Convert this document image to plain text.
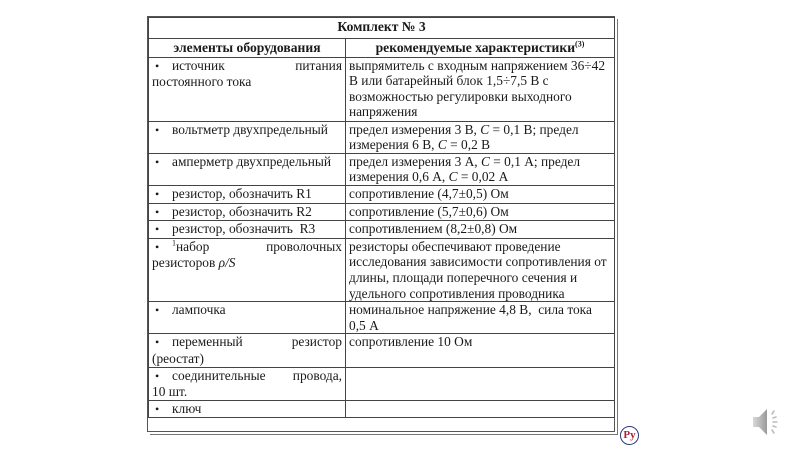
Комплект № 3	
элементы оборудования	рекомендуемые характеристики$^{(3)}$

•источник питания
постоянного тока	выпрямитель с входным напряжением 36÷42 В или батарейный блок 1,5÷7,5 В с возможностью регулировки выходного напряжения
•вольтметр двухпредельный	предел измерения 3 В, C = 0,1 В; предел измерения 6 В, C = 0,2 В
•амперметр двухпредельный	предел измерения 3 А, C = 0,1 А; предел измерения 0,6 А, C = 0,02 А
•резистор, обозначить R1	сопротивление (4,7±0,5) Ом
•резистор, обозначить R2	сопротивление (5,7±0,6) Ом
•резистор, обозначить  R3	сопротивлением (8,2±0,8) Ом

•$^1$набор проволочных
резисторов ρ/S	резисторы обеспечивают проведение исследования зависимости сопротивления от длины, площади поперечного сечения и удельного сопротивления проводника
•лампочка	номинальное напряжение 4,8 В,  сила тока 0,5 А

•переменный резистор
(реостат)	сопротивление 10 Ом

•соединительные провода,
10 шт.

•ключ	
Py
